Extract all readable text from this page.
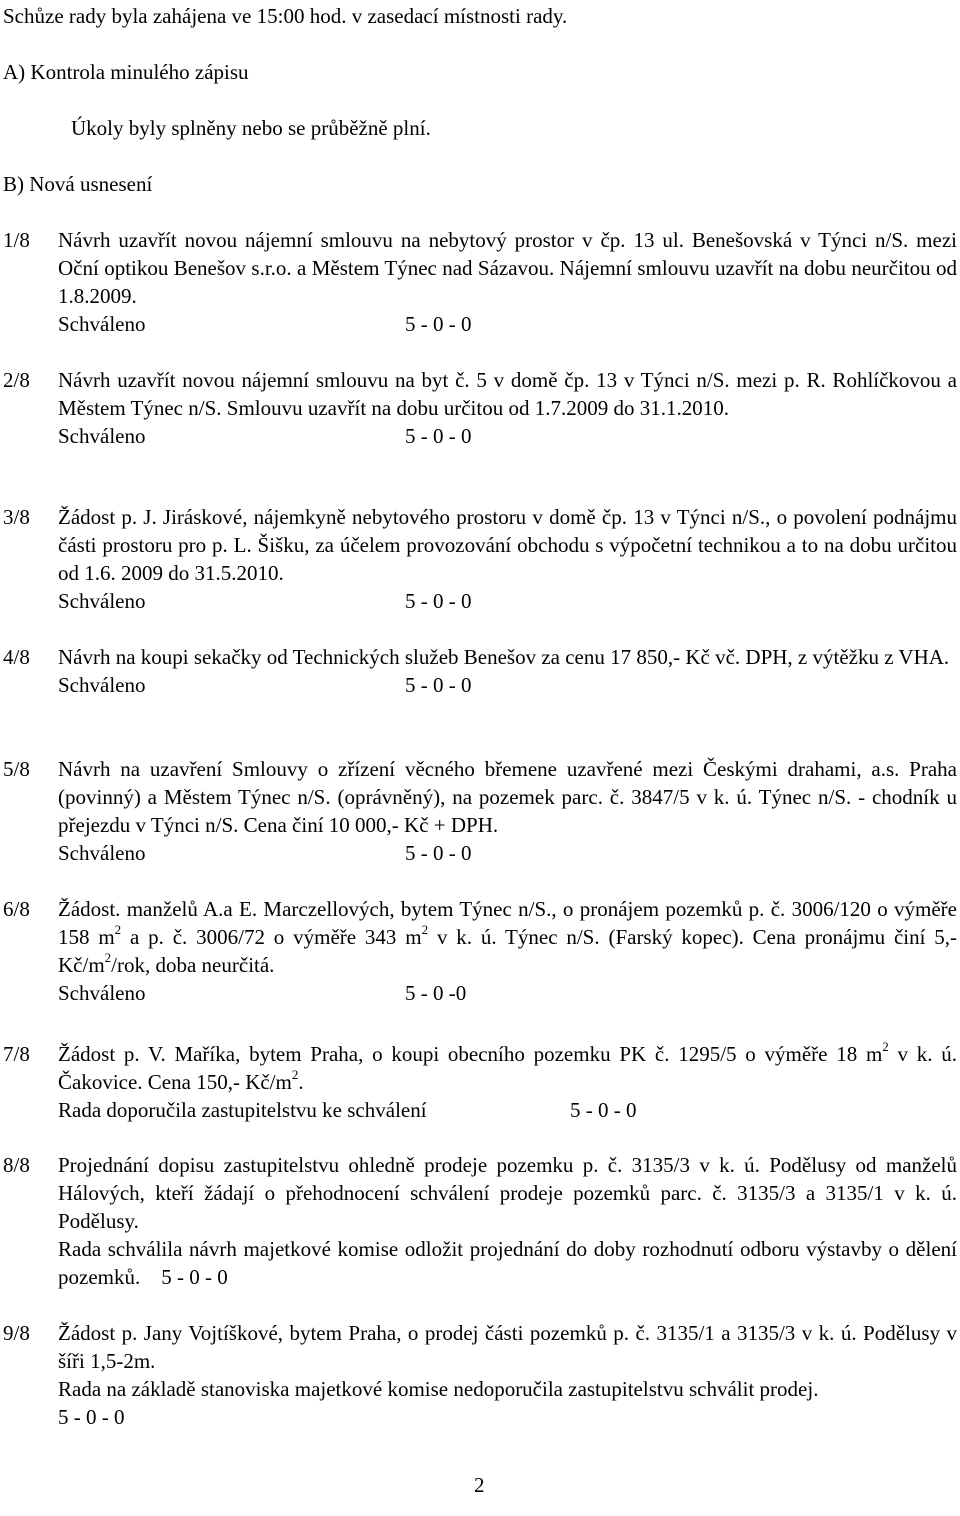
Schůze rady byla zahájena ve 15:00 hod. v zasedací místnosti rady.
A) Kontrola minulého zápisu
Úkoly byly splněny nebo se průběžně plní.
B) Nová usnesení
1/8 Návrh uzavřít novou nájemní smlouvu na nebytový prostor v čp. 13 ul. Benešovská v Týnci n/S. mezi Oční optikou Benešov s.r.o. a Městem Týnec nad Sázavou. Nájemní smlouvu uzavřít na dobu neurčitou od 1.8.2009.
Schváleno	5 - 0 - 0
2/8 Návrh uzavřít novou nájemní smlouvu na byt č. 5 v domě čp. 13 v Týnci n/S. mezi p. R. Rohlíčkovou a Městem Týnec n/S. Smlouvu uzavřít na dobu určitou od 1.7.2009 do 31.1.2010.
Schváleno	5 - 0 - 0
3/8 Žádost p. J. Jiráskové, nájemkyně nebytového prostoru v domě čp. 13 v Týnci n/S., o povolení podnájmu části prostoru pro p. L. Šišku, za účelem provozování obchodu s výpočetní technikou a to na dobu určitou od 1.6. 2009 do 31.5.2010.
Schváleno	5 - 0 - 0
4/8 Návrh na koupi sekačky od Technických služeb Benešov za cenu 17 850,- Kč vč. DPH, z výtěžku z VHA.
Schváleno	5 - 0 - 0
5/8 Návrh na uzavření Smlouvy o zřízení věcného břemene uzavřené mezi Českými drahami, a.s. Praha (povinný) a Městem Týnec n/S. (oprávněný), na pozemek parc. č. 3847/5 v k. ú. Týnec n/S. - chodník u přejezdu v Týnci n/S. Cena činí 10 000,- Kč + DPH.
Schváleno	5 - 0 - 0
6/8 Žádost. manželů A.a E. Marczellových, bytem Týnec n/S., o pronájem pozemků p. č. 3006/120 o výměře 158 $m^2$ a p. č. 3006/72 o výměře 343 $m^2$ v k. ú. Týnec n/S. (Farský kopec). Cena pronájmu činí 5,- $Kč/m^2$/rok, doba neurčitá.
Schváleno	5 - 0 -0
7/8 Žádost p. V. Maříka, bytem Praha, o koupi obecního pozemku PK č. 1295/5 o výměře 18 $m^2$ v k. ú. Čakovice. Cena 150,- $Kč/m^2$.
Rada doporučila zastupitelstvu ke schválení	5 - 0 - 0
8/8 Projednání dopisu zastupitelstvu ohledně prodeje pozemku p. č. 3135/3 v k. ú. Podělusy od manželů Hálových, kteří žádají o přehodnocení schválení prodeje pozemků parc. č. 3135/3 a 3135/1 v k. ú. Podělusy.
Rada schválila návrh majetkové komise odložit projednání do doby rozhodnutí odboru výstavby o dělení pozemků. 5 - 0 - 0
9/8 Žádost p. Jany Vojtíškové, bytem Praha, o prodej části pozemků p. č. 3135/1 a 3135/3 v k. ú. Podělusy v šíři 1,5-2m.
Rada na základě stanoviska majetkové komise nedoporučila zastupitelstvu schválit prodej.
5 - 0 - 0
2
